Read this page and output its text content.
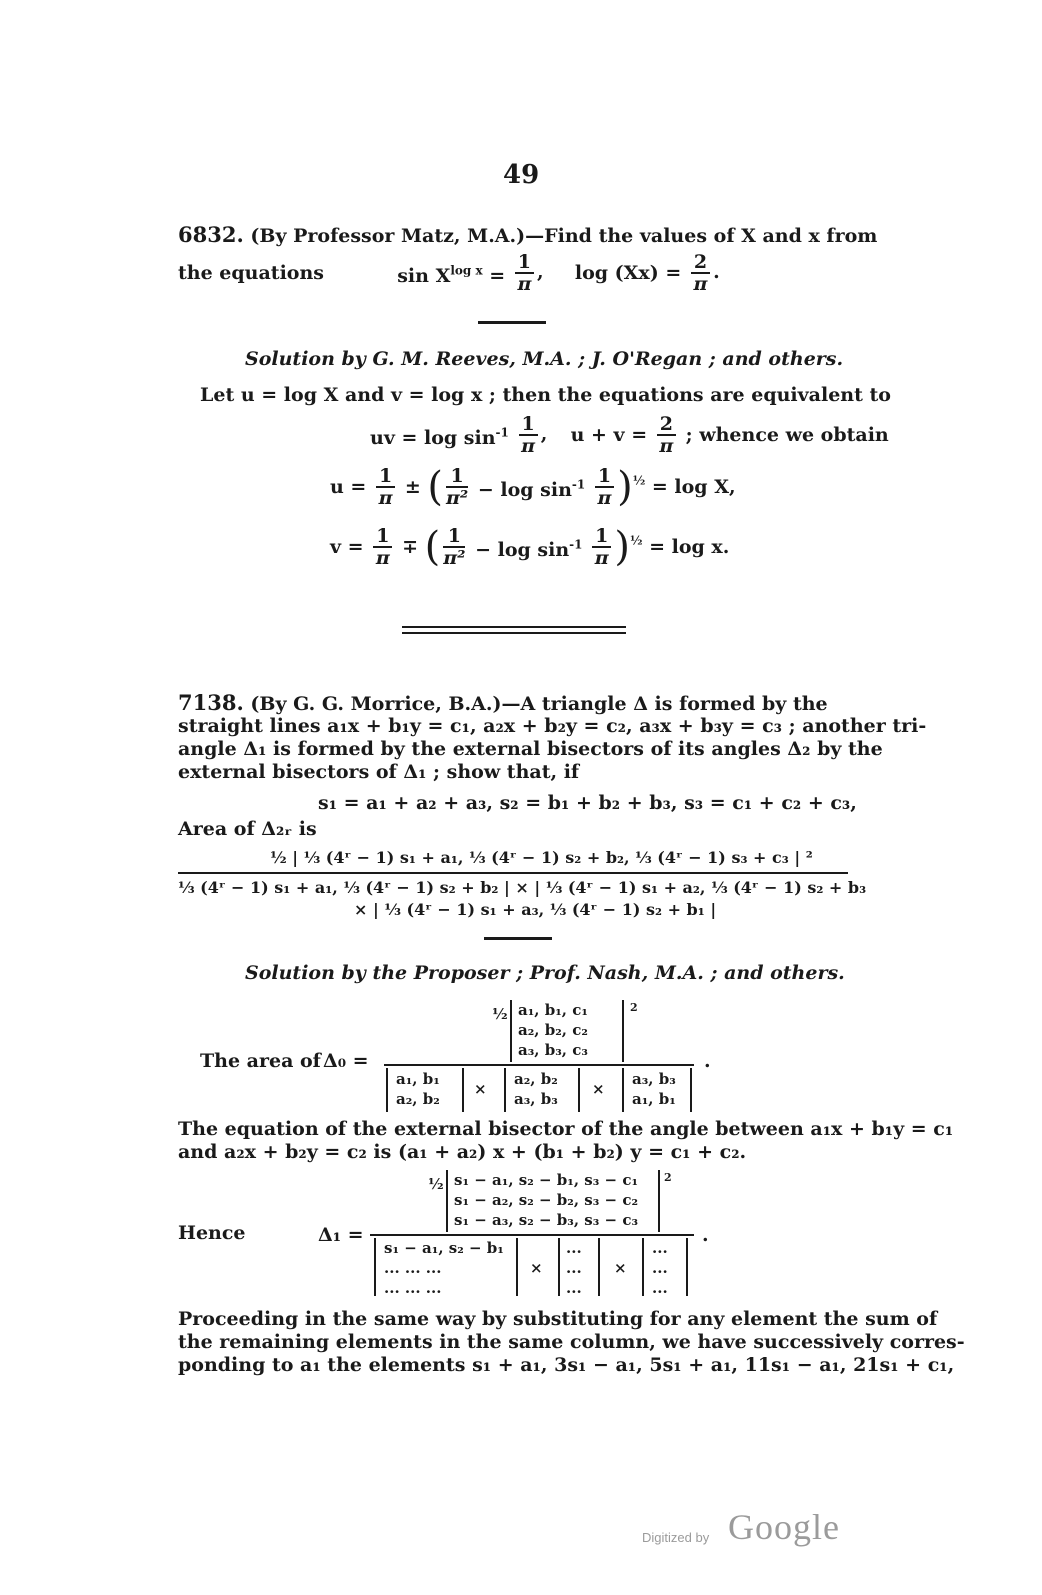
49
6832. (By Professor Matz, M.A.)—Find the values of X and x from
the equations	$\sin X^{log x} = \frac{1}{\pi}$ ,  $\log (Xx) = \frac{2}{\pi}$ .
Solution by G. M. Reeves, M.A. ; J. O'Regan ; and others.
Let u = log X and v = log x ; then the equations are equivalent to
uv = $\log \sin^{-1} \frac{1}{\pi}$ ,  $u + v = \frac{2}{\pi}$ ; whence we obtain
$u = \frac{1}{\pi}$ ± ( $\frac{1}{\text{π²}} - \log \sin^{-1} \frac{1}{\pi} )^{\frac{1}{2}} = \log X$,
$v = \frac{1}{\pi}$ ∓ ( $\frac{1}{\text{π²}} - \log \sin^{-1} \frac{1}{\pi} )^{\frac{1}{2}} = \log x$.
7138. (By G. G. Morrice, B.A.)—A triangle Δ is formed by the
straight lines a₁x + b₁y = c₁, a₂x + b₂y = c₂, a₃x + b₃y = c₃ ; another tri-
angle Δ₁ is formed by the external bisectors of its angles Δ₂ by the
external bisectors of Δ₁ ; show that, if
s₁ = a₁ + a₂ + a₃, s₂ = b₁ + b₂ + b₃, s₃ = c₁ + c₂ + c₃,
Area of Δ₂ᵣ is
½ | ⅓ (4ʳ − 1) s₁ + a₁, ⅓ (4ʳ − 1) s₂ + b₂, ⅓ (4ʳ − 1) s₃ + c₃ | ²
⅓ (4ʳ − 1) s₁ + a₁, ⅓ (4ʳ − 1) s₂ + b₂ | × | ⅓ (4ʳ − 1) s₁ + a₂, ⅓ (4ʳ − 1) s₂ + b₃
× | ⅓ (4ʳ − 1) s₁ + a₃, ⅓ (4ʳ − 1) s₂ + b₁ |
Solution by the Proposer ; Prof. Nash, M.A. ; and others.
The area of Δ₀ =
½ a₁, b₁, c₁
a₂, b₂, c₂
a₃, b₃, c₃
2
.
a₁, b₁
a₂, b₂
×
a₂, b₂
a₃, b₃
×
a₃, b₃
a₁, b₁
The equation of the external bisector of the angle between a₁x + b₁y = c₁
and a₂x + b₂y = c₂ is (a₁ + a₂) x + (b₁ + b₂) y = c₁ + c₂.
Hence	Δ₁ =
½ s₁ − a₁, s₂ − b₁, s₃ − c₁
s₁ − a₂, s₂ − b₂, s₃ − c₂
s₁ − a₃, s₂ − b₃, s₃ − c₃
2
.
s₁ − a₁, s₂ − b₁
... ... ...
... ... ...
×
...
...
...
×
...
...
...
Proceeding in the same way by substituting for any element the sum of
the remaining elements in the same column, we have successively corres-
ponding to a₁ the elements s₁ + a₁, 3s₁ − a₁, 5s₁ + a₁, 11s₁ − a₁, 21s₁ + c₁,
Digitized by Google
